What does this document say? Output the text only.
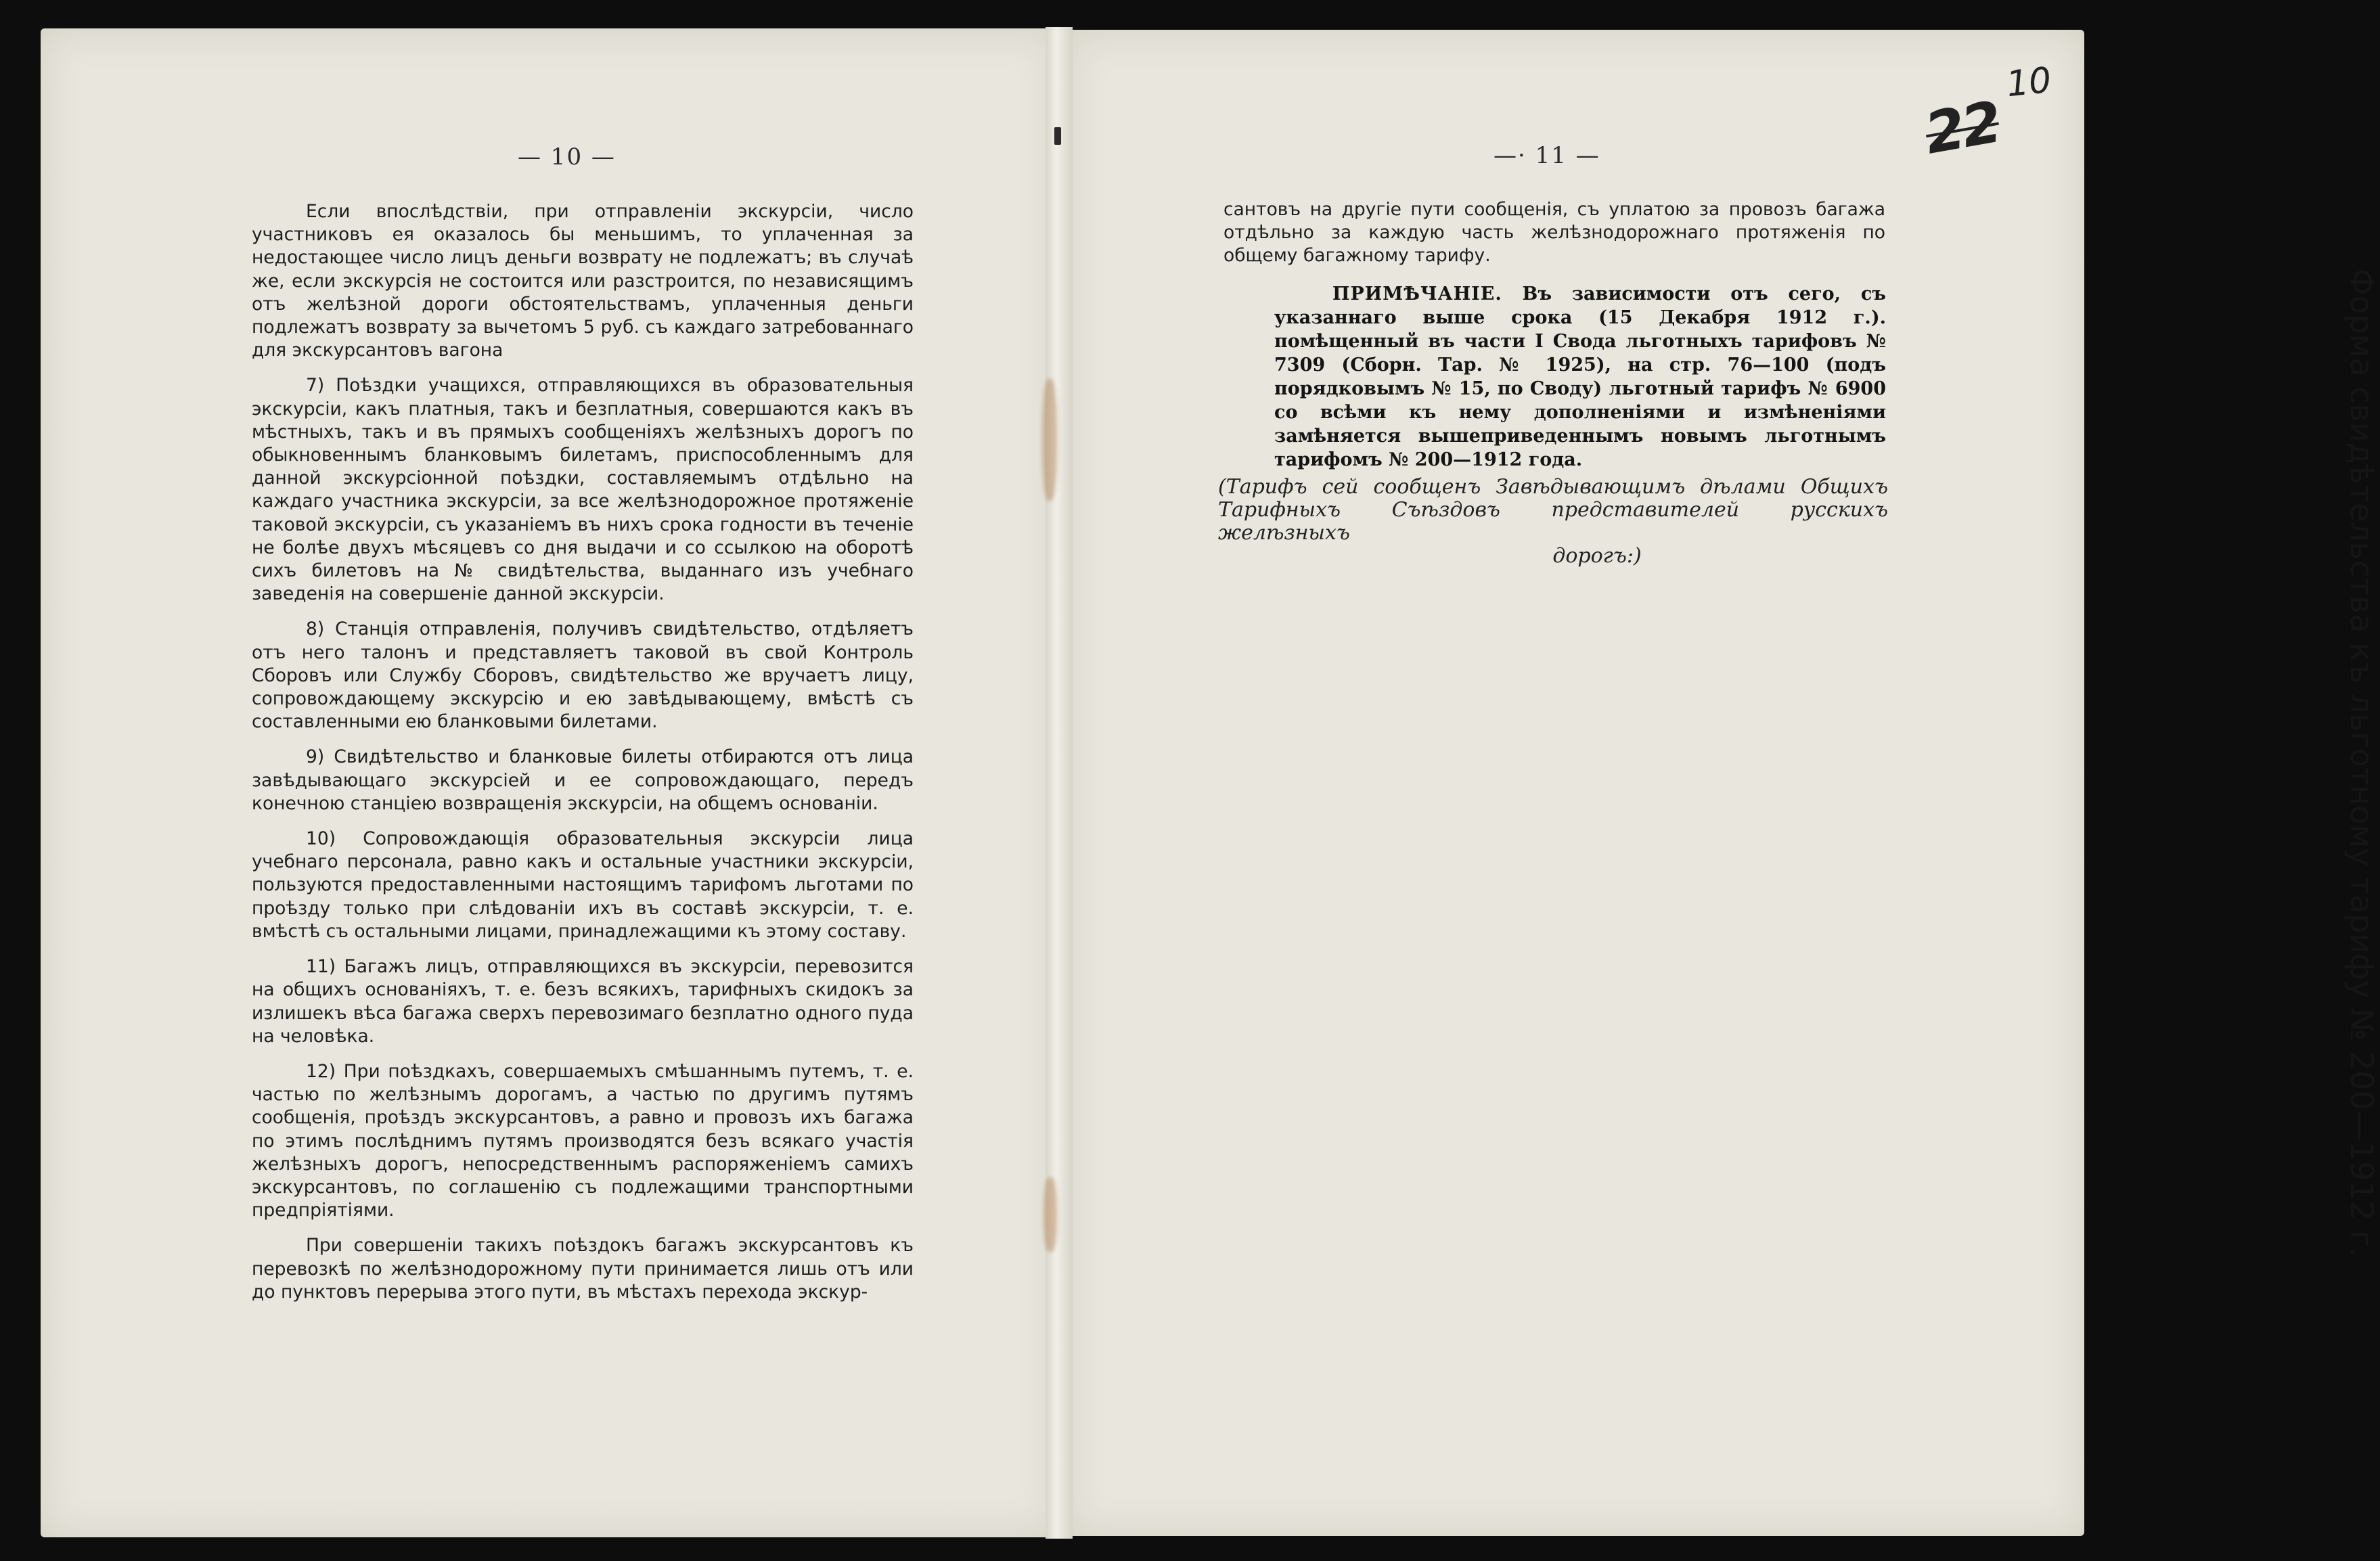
Форма свидѣтельства къ льготному тарифу № 200—1912 г.
— 10 —

Если впослѣдствіи, при отправленіи экскурсіи, число участниковъ ея оказалось бы меньшимъ, то уплаченная за недостающее число лицъ деньги возврату не подлежатъ; въ случаѣ же, если экскурсія не состоится или разстроится, по независящимъ отъ желѣзной дороги обстоятельствамъ, уплаченныя деньги подлежатъ возврату за вычетомъ 5 руб. съ каждаго затребованнаго для экскурсантовъ вагона

7) Поѣздки учащихся, отправляющихся въ образовательныя экскурсіи, какъ платныя, такъ и безплатныя, совершаются какъ въ мѣстныхъ, такъ и въ прямыхъ сообщеніяхъ желѣзныхъ дорогъ по обыкновеннымъ бланковымъ билетамъ, приспособленнымъ для данной экскурсіонной поѣздки, составляемымъ отдѣльно на каждаго участника экскурсіи, за все желѣзнодорожное протяженіе таковой экскурсіи, съ указаніемъ въ нихъ срока годности въ теченіе не болѣе двухъ мѣсяцевъ со дня выдачи и со ссылкою на оборотѣ сихъ билетовъ на № свидѣтельства, выданнаго изъ учебнаго заведенія на совершеніе данной экскурсіи.

8) Станція отправленія, получивъ свидѣтельство, отдѣляетъ отъ него талонъ и представляетъ таковой въ свой Контроль Сборовъ или Службу Сборовъ, свидѣтельство же вручаетъ лицу, сопровождающему экскурсію и ею завѣдывающему, вмѣстѣ съ составленными ею бланковыми билетами.

9) Свидѣтельство и бланковые билеты отбираются отъ лица завѣдывающаго экскурсіей и ее сопровождающаго, передъ конечною станціею возвращенія экскурсіи, на общемъ основаніи.

10) Сопровождающія образовательныя экскурсіи лица учебнаго персонала, равно какъ и остальные участники экскурсіи, пользуются предоставленными настоящимъ тарифомъ льготами по проѣзду только при слѣдованіи ихъ въ составѣ экскурсіи, т. е. вмѣстѣ съ остальными лицами, принадлежащими къ этому составу.

11) Багажъ лицъ, отправляющихся въ экскурсіи, перевозится на общихъ основаніяхъ, т. е. безъ всякихъ, тарифныхъ скидокъ за излишекъ вѣса багажа сверхъ перевозимаго безплатно одного пуда на человѣка.

12) При поѣздкахъ, совершаемыхъ смѣшаннымъ путемъ, т. е. частью по желѣзнымъ дорогамъ, а частью по другимъ путямъ сообщенія, проѣздъ экскурсантовъ, а равно и провозъ ихъ багажа по этимъ послѣднимъ путямъ производятся безъ всякаго участія желѣзныхъ дорогъ, непосредственнымъ распоряженіемъ самихъ экскурсантовъ, по соглашенію съ подлежащими транспортными предпріятіями.

При совершеніи такихъ поѣздокъ багажъ экскурсантовъ къ перевозкѣ по желѣзнодорожному пути принимается лишь отъ или до пунктовъ перерыва этого пути, въ мѣстахъ перехода экскур-

10
22
—· 11 —

сантовъ на другіе пути сообщенія, съ уплатою за провозъ багажа отдѣльно за каждую часть желѣзнодорожнаго протяженія по общему багажному тарифу.

ПРИМѢЧАНІЕ. Въ зависимости отъ сего, съ указаннаго выше срока (15 Декабря 1912 г.). помѣщенный въ части I Свода льготныхъ тарифовъ № 7309 (Сборн. Тар. № 1925), на стр. 76—100 (подъ порядковымъ № 15, по Своду) льготный тарифъ № 6900 со всѣми къ нему дополненіями и измѣненіями замѣняется вышеприведеннымъ новымъ льготнымъ тарифомъ № 200—1912 года.
(Тарифъ сей сообщенъ Завѣдывающимъ дѣлами Общихъ Тарифныхъ Съѣздовъ представителей русскихъ желѣзныхъ
дорогъ:)
